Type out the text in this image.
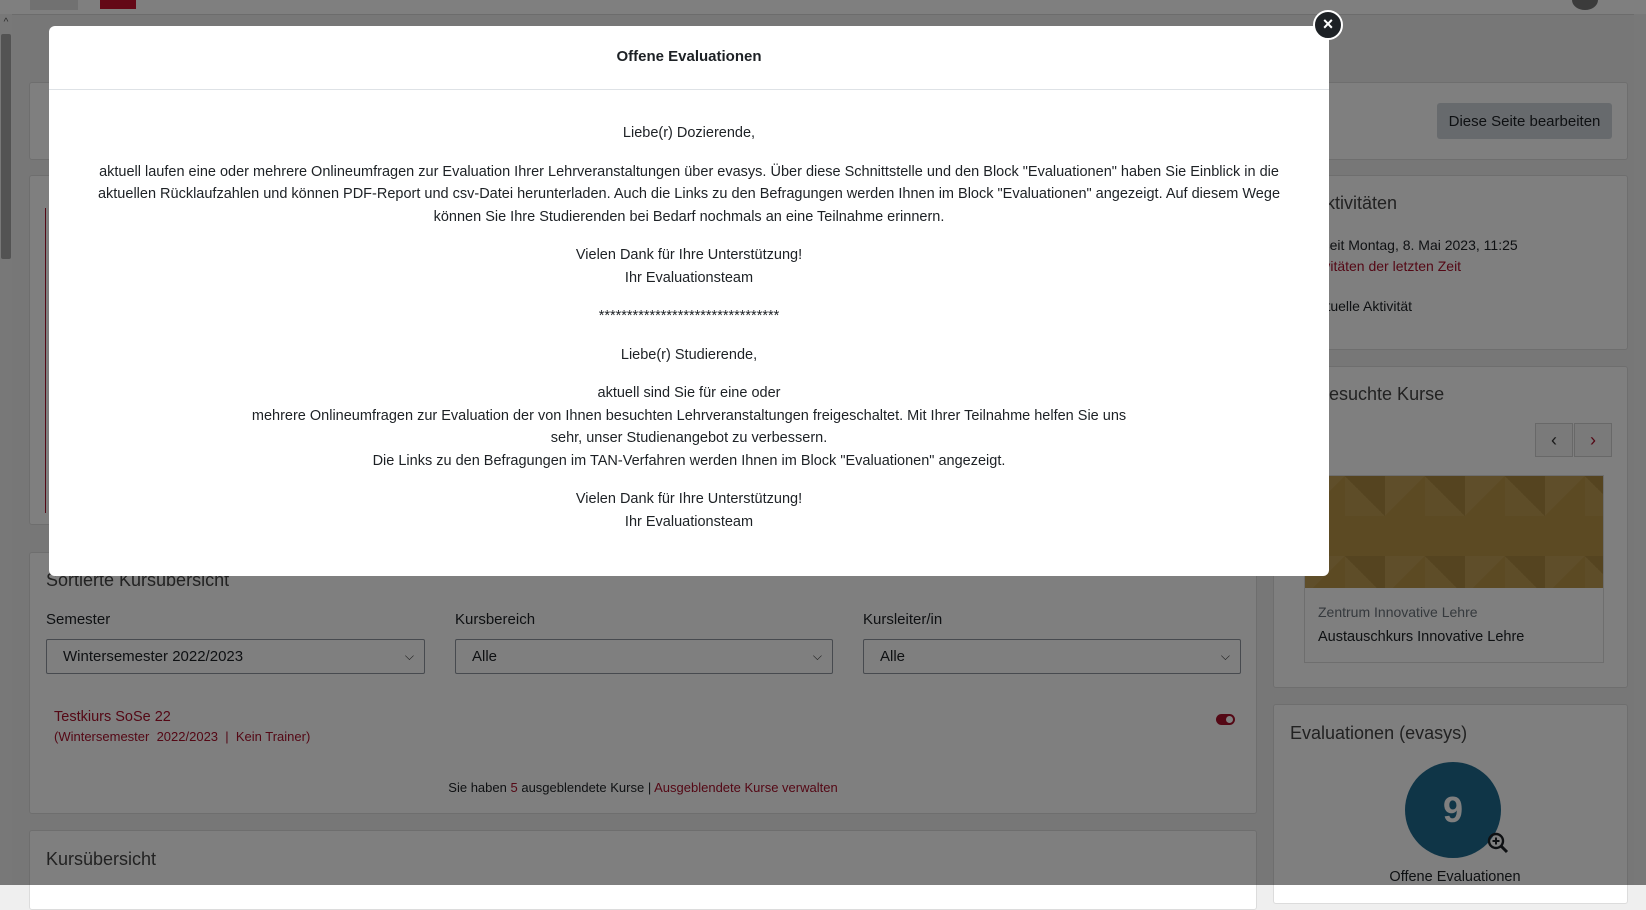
Offene Evaluationen

Liebe(r) Dozierende,

aktuell laufen eine oder mehrere Onlineumfragen zur Evaluation Ihrer Lehrveranstaltungen über evasys. Über diese Schnittstelle und den Block "Evaluationen" haben Sie Einblick in die aktuellen Rücklaufzahlen und können PDF-Report und csv-Datei herunterladen. Auch die Links zu den Befragungen werden Ihnen im Block "Evaluationen" angezeigt. Auf diesem Wege können Sie Ihre Studierenden bei Bedarf nochmals an eine Teilnahme erinnern.

Vielen Dank für Ihre Unterstützung!
Ihr Evaluationsteam

********************************

Liebe(r) Studierende,

aktuell sind Sie für eine oder
mehrere Onlineumfragen zur Evaluation der von Ihnen besuchten Lehrveranstaltungen freigeschaltet. Mit Ihrer Teilnahme helfen Sie uns
sehr, unser Studienangebot zu verbessern.
Die Links zu den Befragungen im TAN-Verfahren werden Ihnen im Block "Evaluationen" angezeigt.

Vielen Dank für Ihre Unterstützung!
Ihr Evaluationsteam

×
